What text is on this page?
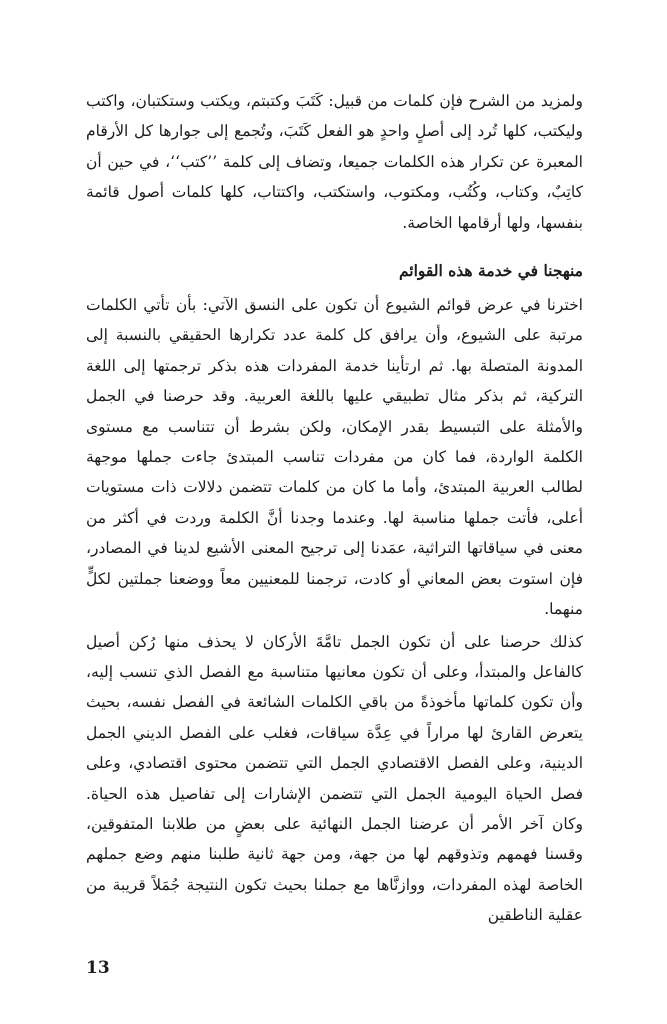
ولمزيد من الشرح فإن كلمات من قبيل: كَتَبَ وكتبتم، ويكتب وستكتبان، واكتب وليكتب، كلها تُرد إلى أصلٍ واحدٍ هو الفعل كَتَبَ، وتُجمع إلى جوارها كل الأرقام المعبرة عن تكرار هذه الكلمات جميعا، وتضاف إلى كلمة ’’كتب‘‘، في حين أن كاتِبٌ، وكتاب، وكُتُب، ومكتوب، واستكتب، واكتتاب، كلها كلمات أصول قائمة بنفسها، ولها أرقامها الخاصة.

منهجنا في خدمة هذه القوائم

اخترنا في عرض قوائم الشيوع أن تكون على النسق الآتي: بأن تأتي الكلمات مرتبة على الشيوع، وأن يرافق كل كلمة عدد تكرارها الحقيقي بالنسبة إلى المدونة المتصلة بها. ثم ارتأينا خدمة المفردات هذه بذكر ترجمتها إلى اللغة التركية، ثم بذكر مثال تطبيقي عليها باللغة العربية. وقد حرصنا في الجمل والأمثلة على التبسيط بقدر الإمكان، ولكن بشرط أن تتناسب مع مستوى الكلمة الواردة، فما كان من مفردات تناسب المبتدئ جاءت جملها موجهة لطالب العربية المبتدئ، وأما ما كان من كلمات تتضمن دلالات ذات مستويات أعلى، فأتت جملها مناسبة لها. وعندما وجدنا أنَّ الكلمة وردت في أكثر من معنى في سياقاتها التراثية، عمَدنا إلى ترجيح المعنى الأشيع لدينا في المصادر، فإن استوت بعض المعاني أو كادت، ترجمنا للمعنيين معاً ووضعنا جملتين لكلٍّ منهما.

كذلك حرصنا على أن تكون الجمل تامَّةَ الأركان لا يحذف منها رُكن أصيل كالفاعل والمبتدأ، وعلى أن تكون معانيها متناسبة مع الفصل الذي تنسب إليه، وأن تكون كلماتها مأخوذةً من باقي الكلمات الشائعة في الفصل نفسه، بحيث يتعرض القارئ لها مراراً في عِدَّة سياقات، فغلب على الفصل الديني الجمل الدينية، وعلى الفصل الاقتصادي الجمل التي تتضمن محتوى اقتصادي، وعلى فصل الحياة اليومية الجمل التي تتضمن الإشارات إلى تفاصيل هذه الحياة. وكان آخر الأمر أن عرضنا الجمل النهائية على بعضٍ من طلابنا المتفوقين، وقسنا فهمهم وتذوقهم لها من جهة، ومن جهة ثانية طلبنا منهم وضع جملهم الخاصة لهذه المفردات، ووازنَّاها مع جملنا بحيث تكون النتيجة جُمَلاً قريبة من عقلية الناطقين

13
